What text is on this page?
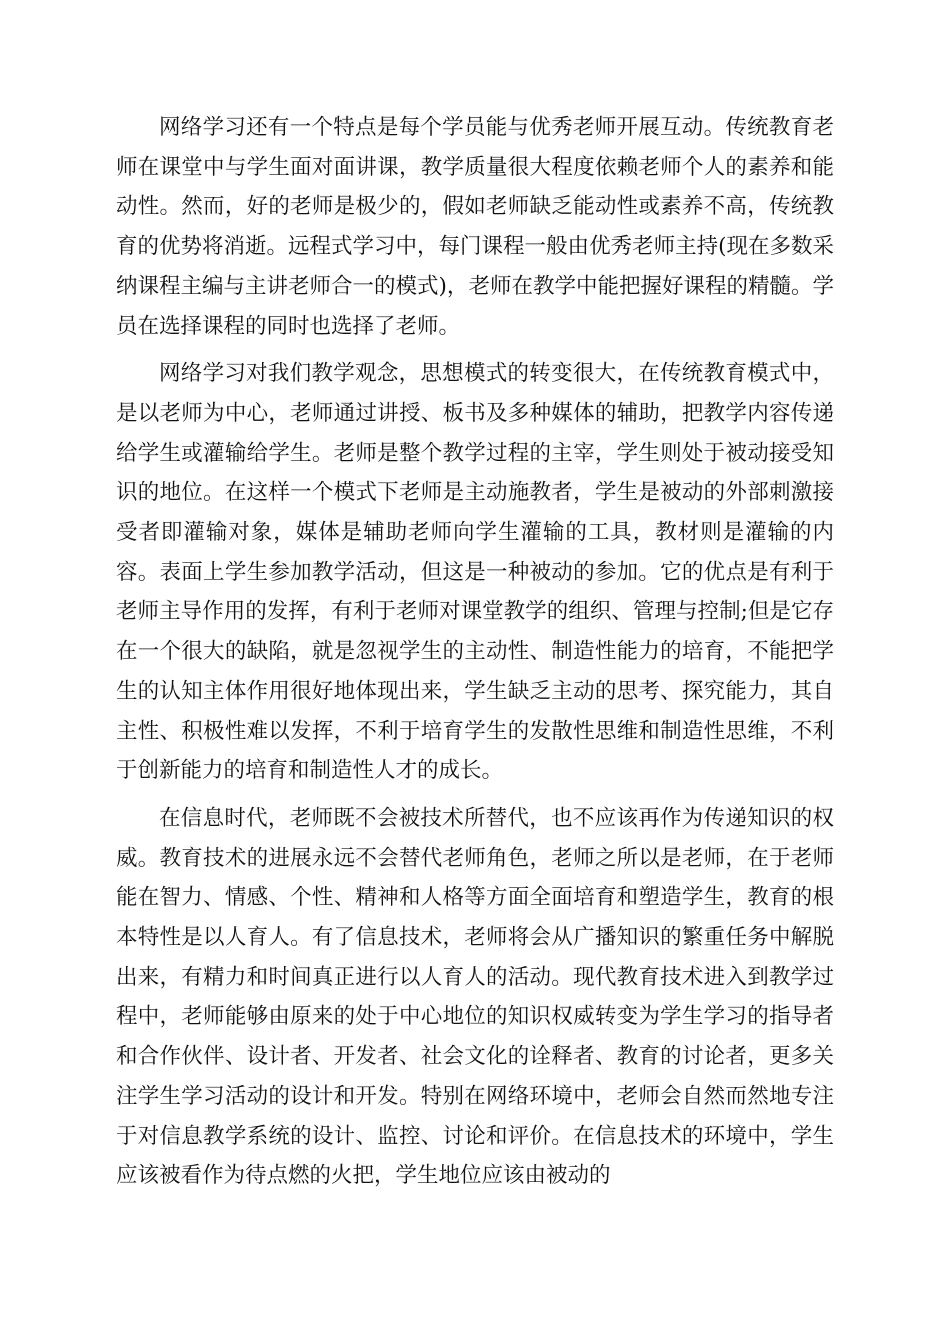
网络学习还有一个特点是每个学员能与优秀老师开展互动。传统教育老师在课堂中与学生面对面讲课，教学质量很大程度依赖老师个人的素养和能动性。然而，好的老师是极少的，假如老师缺乏能动性或素养不高，传统教育的优势将消逝。远程式学习中，每门课程一般由优秀老师主持(现在多数采纳课程主编与主讲老师合一的模式)，老师在教学中能把握好课程的精髓。学员在选择课程的同时也选择了老师。

网络学习对我们教学观念，思想模式的转变很大，在传统教育模式中，是以老师为中心，老师通过讲授、板书及多种媒体的辅助，把教学内容传递给学生或灌输给学生。老师是整个教学过程的主宰，学生则处于被动接受知识的地位。在这样一个模式下老师是主动施教者，学生是被动的外部刺激接受者即灌输对象，媒体是辅助老师向学生灌输的工具，教材则是灌输的内容。表面上学生参加教学活动，但这是一种被动的参加。它的优点是有利于老师主导作用的发挥，有利于老师对课堂教学的组织、管理与控制;但是它存在一个很大的缺陷，就是忽视学生的主动性、制造性能力的培育，不能把学生的认知主体作用很好地体现出来，学生缺乏主动的思考、探究能力，其自主性、积极性难以发挥，不利于培育学生的发散性思维和制造性思维，不利于创新能力的培育和制造性人才的成长。

在信息时代，老师既不会被技术所替代，也不应该再作为传递知识的权威。教育技术的进展永远不会替代老师角色，老师之所以是老师，在于老师能在智力、情感、个性、精神和人格等方面全面培育和塑造学生，教育的根本特性是以人育人。有了信息技术，老师将会从广播知识的繁重任务中解脱出来，有精力和时间真正进行以人育人的活动。现代教育技术进入到教学过程中，老师能够由原来的处于中心地位的知识权威转变为学生学习的指导者和合作伙伴、设计者、开发者、社会文化的诠释者、教育的讨论者，更多关注学生学习活动的设计和开发。特别在网络环境中，老师会自然而然地专注于对信息教学系统的设计、监控、讨论和评价。在信息技术的环境中，学生应该被看作为待点燃的火把，学生地位应该由被动的
